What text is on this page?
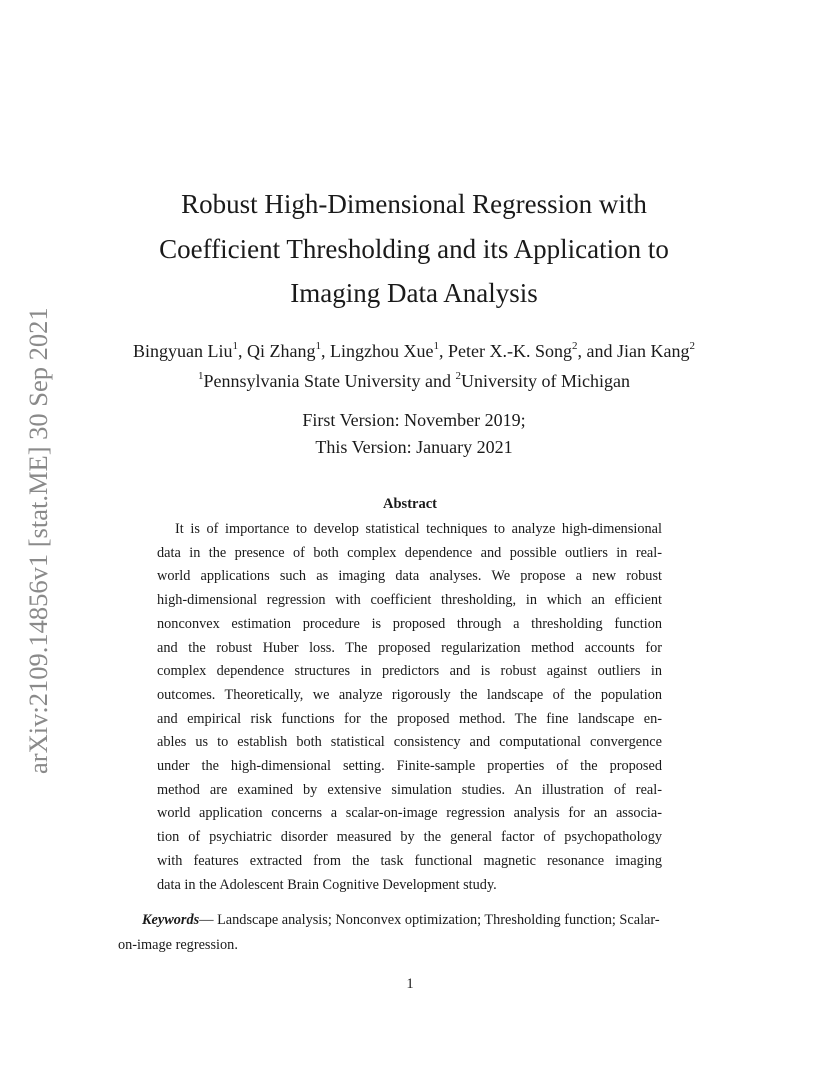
arXiv:2109.14856v1 [stat.ME] 30 Sep 2021
Robust High-Dimensional Regression with
Coefficient Thresholding and its Application to
Imaging Data Analysis
Bingyuan Liu$^1$, Qi Zhang$^1$, Lingzhou Xue$^1$, Peter X.-K. Song$^2$, and Jian Kang$^2$
$^1$Pennsylvania State University and $^2$University of Michigan
First Version: November 2019;
This Version: January 2021
Abstract
It is of importance to develop statistical techniques to analyze high-dimensional
data in the presence of both complex dependence and possible outliers in real-
world applications such as imaging data analyses. We propose a new robust
high-dimensional regression with coefficient thresholding, in which an efficient
nonconvex estimation procedure is proposed through a thresholding function
and the robust Huber loss. The proposed regularization method accounts for
complex dependence structures in predictors and is robust against outliers in
outcomes. Theoretically, we analyze rigorously the landscape of the population
and empirical risk functions for the proposed method. The fine landscape en-
ables us to establish both statistical consistency and computational convergence
under the high-dimensional setting. Finite-sample properties of the proposed
method are examined by extensive simulation studies. An illustration of real-
world application concerns a scalar-on-image regression analysis for an associa-
tion of psychiatric disorder measured by the general factor of psychopathology
with features extracted from the task functional magnetic resonance imaging
data in the Adolescent Brain Cognitive Development study.
Keywords— Landscape analysis; Nonconvex optimization; Thresholding function; Scalar-
on-image regression.
1
